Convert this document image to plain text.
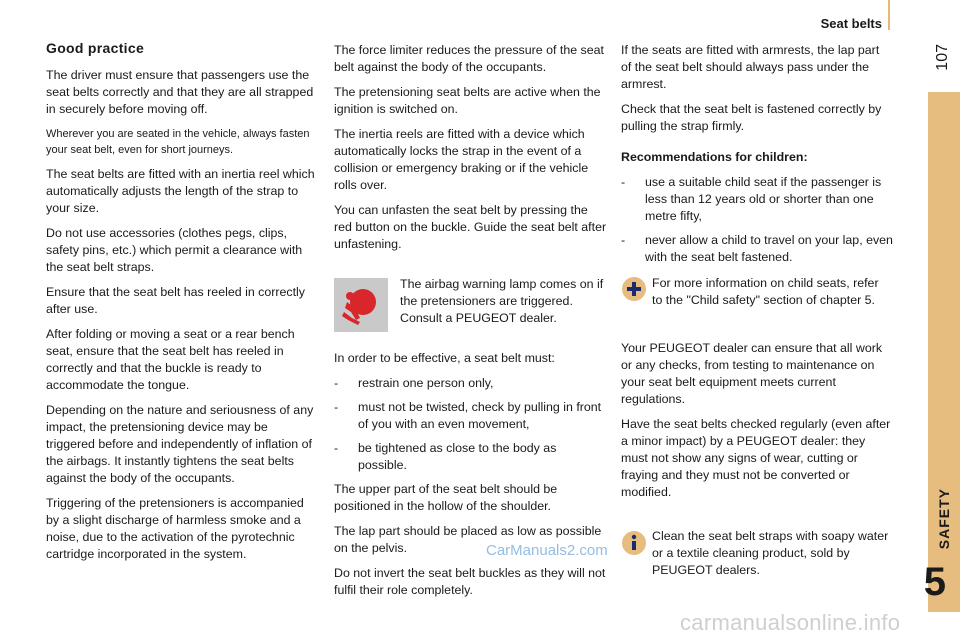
Seat belts
107
SAFETY
5
Good practice

The driver must ensure that passengers use the seat belts correctly and that they are all strapped in securely before moving off.

Wherever you are seated in the vehicle, always fasten your seat belt, even for short journeys.

The seat belts are fitted with an inertia reel which automatically adjusts the length of the strap to your size.

Do not use accessories (clothes pegs, clips, safety pins, etc.) which permit a clearance with the seat belt straps.

Ensure that the seat belt has reeled in correctly after use.

After folding or moving a seat or a rear bench seat, ensure that the seat belt has reeled in correctly and that the buckle is ready to accommodate the tongue.

Depending on the nature and seriousness of any impact, the pretensioning device may be triggered before and independently of inflation of the airbags. It instantly tightens the seat belts against the body of the occupants.

Triggering of the pretensioners is accompanied by a slight discharge of harmless smoke and a noise, due to the activation of the pyrotechnic cartridge incorporated in the system.

The force limiter reduces the pressure of the seat belt against the body of the occupants.

The pretensioning seat belts are active when the ignition is switched on.

The inertia reels are fitted with a device which automatically locks the strap in the event of a collision or emergency braking or if the vehicle rolls over.

You can unfasten the seat belt by pressing the red button on the buckle. Guide the seat belt after unfastening.

The airbag warning lamp comes on if the pretensioners are triggered. Consult a PEUGEOT dealer.

In order to be effective, a seat belt must:

-	restrain one person only,
-	must not be twisted, check by pulling in front of you with an even movement,
-	be tightened as close to the body as possible.

The upper part of the seat belt should be positioned in the hollow of the shoulder.

The lap part should be placed as low as possible on the pelvis.

Do not invert the seat belt buckles as they will not fulfil their role completely.

If the seats are fitted with armrests, the lap part of the seat belt should always pass under the armrest.

Check that the seat belt is fastened correctly by pulling the strap firmly.

Recommendations for children:

-	use a suitable child seat if the passenger is less than 12 years old or shorter than one metre fifty,
-	never allow a child to travel on your lap, even with the seat belt fastened.
For more information on child seats, refer to the "Child safety" section of chapter 5.

Your PEUGEOT dealer can ensure that all work or any checks, from testing to maintenance on your seat belt equipment meets current regulations.

Have the seat belts checked regularly (even after a minor impact) by a PEUGEOT dealer: they must not show any signs of wear, cutting or fraying and they must not be converted or modified.

Clean the seat belt straps with soapy water or a textile cleaning product, sold by PEUGEOT dealers.
CarManuals2.com
carmanualsonline.info
